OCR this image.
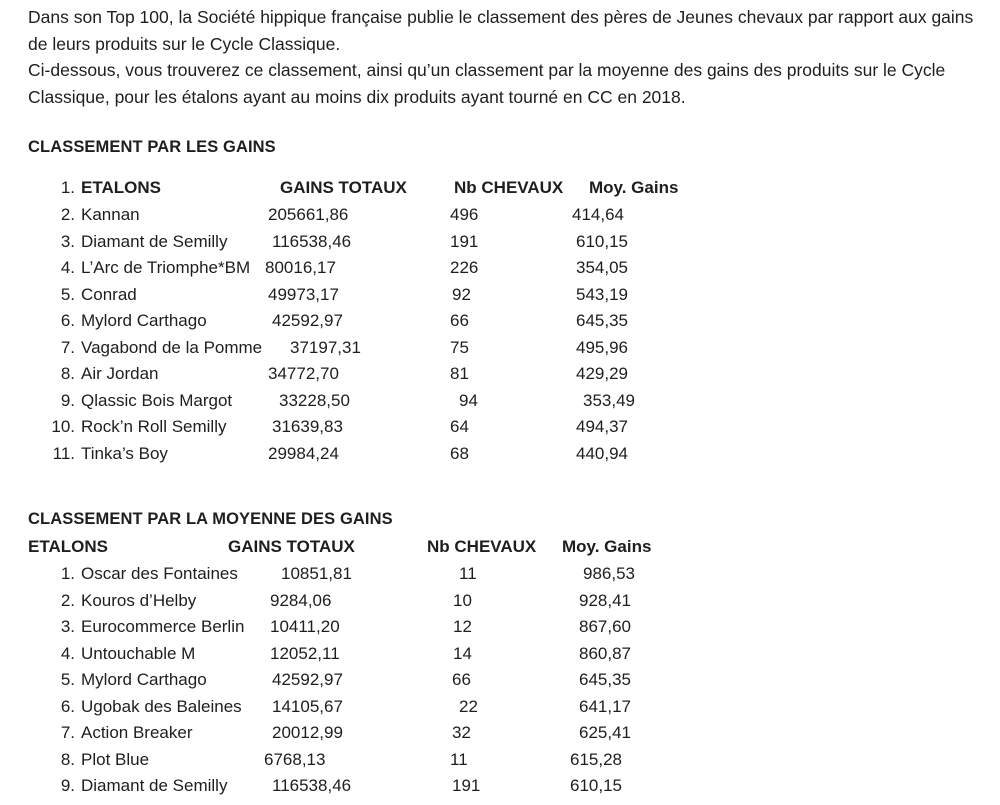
Dans son Top 100, la Société hippique française publie le classement des pères de Jeunes chevaux par rapport aux gains de leurs produits sur le Cycle Classique.

Ci-dessous, vous trouverez ce classement, ainsi qu’un classement par la moyenne des gains des produits sur le Cycle Classique, pour les étalons ayant au moins dix produits ayant tourné en CC en 2018.

CLASSEMENT PAR LES GAINS
1. ETALONS	GAINS TOTAUX	Nb CHEVAUX Moy. Gains
2. Kannan	205661,86	496	414,64
3. Diamant de Semilly	116538,46	191	610,15
4. L’Arc de Triomphe*BM 80016,17	226	354,05
5. Conrad	49973,17	92	543,19
6. Mylord Carthago	42592,97	66	645,35
7. Vagabond de la Pomme 37197,31	75	495,96
8. Air Jordan	34772,70	81	429,29
9. Qlassic Bois Margot	33228,50	94	353,49
10. Rock’n Roll Semilly	31639,83	64	494,37
11. Tinka’s Boy	29984,24	68	440,94
CLASSEMENT PAR LA MOYENNE DES GAINS
ETALONS	GAINS TOTAUX	Nb CHEVAUX Moy. Gains
1. Oscar des Fontaines	10851,81	11	986,53
2. Kouros d’Helby	9284,06	10	928,41
3. Eurocommerce Berlin 10411,20	12	867,60
4. Untouchable M	12052,11	14	860,87
5. Mylord Carthago	42592,97	66	645,35
6. Ugobak des Baleines 14105,67	22	641,17
7. Action Breaker	20012,99	32	625,41
8. Plot Blue	6768,13	11	615,28
9. Diamant de Semilly	116538,46	191	610,15
